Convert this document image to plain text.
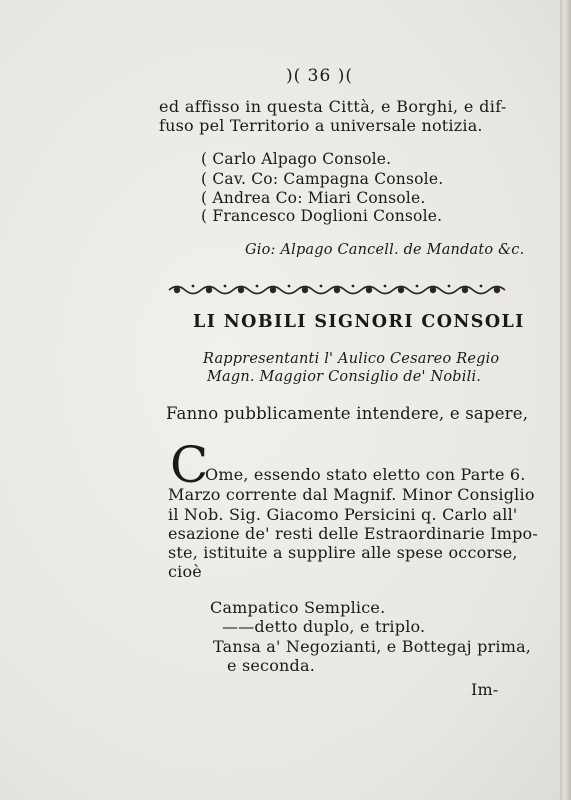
)( 36 )(
ed affisso in questa Città, e Borghi, e dif-
fuso pel Territorio a universale notizia.
( Carlo Alpago Console.
( Cav. Co: Campagna Console.
( Andrea Co: Miari Console.
( Francesco Doglioni Console.
Gio: Alpago Cancell. de Mandato &c.
LI NOBILI SIGNORI CONSOLI
Rappresentanti l' Aulico Cesareo Regio
Magn. Maggior Consiglio de' Nobili.
Fanno pubblicamente intendere, e sapere,
C
Ome, essendo stato eletto con Parte 6.
Marzo corrente dal Magnif. Minor Consiglio
il Nob. Sig. Giacomo Persicini q. Carlo all'
esazione de' resti delle Estraordinarie Impo-
ste, istituite a supplire alle spese occorse,
cioè
Campatico Semplice.
——detto duplo, e triplo.
Tansa a' Negozianti, e Bottegaj prima,
e seconda.
Im-
